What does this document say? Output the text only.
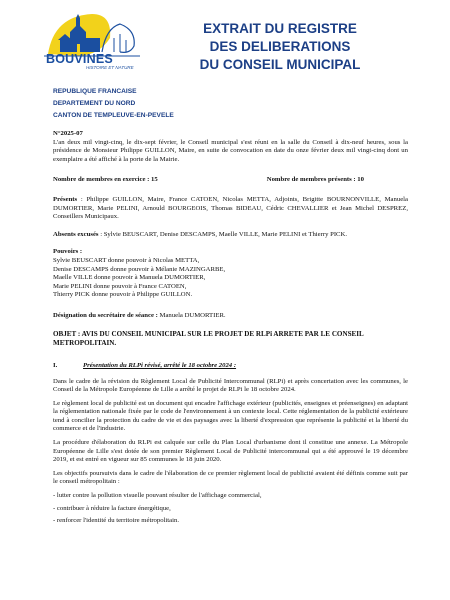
BOUVINES
HISTOIRE ET NATURE
EXTRAIT DU REGISTRE
DES DELIBERATIONS
DU CONSEIL MUNICIPAL
REPUBLIQUE FRANCAISE
DEPARTEMENT DU NORD
CANTON DE TEMPLEUVE-EN-PEVELE
N°2025-07
L'an deux mil vingt-cinq, le dix-sept février, le Conseil municipal s'est réuni en la salle du Conseil à dix-neuf heures, sous la présidence de Monsieur Philippe GUILLON, Maire, en suite de convocation en date du onze février deux mil vingt-cinq dont un exemplaire a été affiché à la porte de la Mairie.
Nombre de membres en exercice : 15	Nombre de membres présents : 10
Présents : Philippe GUILLON, Maire, France CATOEN, Nicolas METTA, Adjoints, Brigitte BOURNONVILLE, Manuela DUMORTIER, Marie PELINI, Arnould BOURGEOIS, Thomas BIDEAU, Cédric CHEVALLIER et Jean Michel DESPREZ, Conseillers Municipaux.
Absents excusés : Sylvie BEUSCART, Denise DESCAMPS, Maelle VILLE, Marie PELINI et Thierry PICK.
Pouvoirs :
Sylvie BEUSCART donne pouvoir à Nicolas METTA,
Denise DESCAMPS donne pouvoir à Mélanie MAZINGARBE,
Maelle VILLE donne pouvoir à Manuela DUMORTIER,
Marie PELINI donne pouvoir à France CATOEN,
Thierry PICK donne pouvoir à Philippe GUILLON.
Désignation du secrétaire de séance : Manuela DUMORTIER.
OBJET : AVIS DU CONSEIL MUNICIPAL SUR LE PROJET DE RLPi ARRETE PAR LE CONSEIL METROPOLITAIN.
I.	Présentation du RLPi révisé, arrêté le 18 octobre 2024 :
Dans le cadre de la révision du Règlement Local de Publicité Intercommunal (RLPi) et après concertation avec les communes, le Conseil de la Métropole Européenne de Lille a arrêté le projet de RLPi le 18 octobre 2024.
Le règlement local de publicité est un document qui encadre l'affichage extérieur (publicités, enseignes et préenseignes) en adaptant la réglementation nationale fixée par le code de l'environnement à un contexte local. Cette réglementation de la publicité extérieure tend à concilier la protection du cadre de vie et des paysages avec la liberté d'expression que représente la publicité et la liberté du commerce et de l'industrie.
La procédure d'élaboration du RLPi est calquée sur celle du Plan Local d'urbanisme dont il constitue une annexe. La Métropole Européenne de Lille s'est dotée de son premier Règlement Local de Publicité intercommunal qui a été approuvé le 19 décembre 2019, et est entré en vigueur sur 85 communes le 18 juin 2020.
Les objectifs poursuivis dans le cadre de l'élaboration de ce premier règlement local de publicité avaient été définis comme suit par le conseil métropolitain :
- lutter contre la pollution visuelle pouvant résulter de l'affichage commercial,
- contribuer à réduire la facture énergétique,
- renforcer l'identité du territoire métropolitain.
